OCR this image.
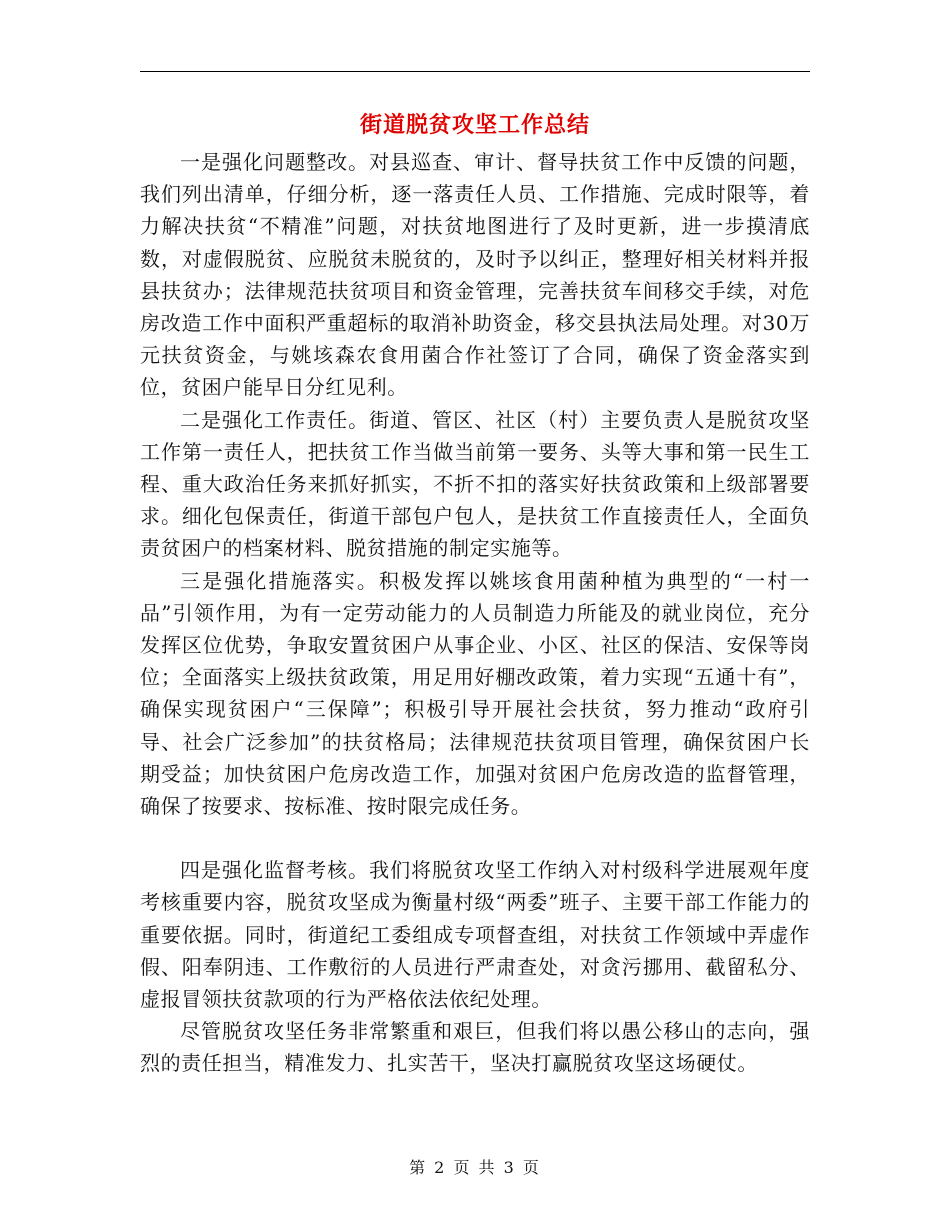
街道脱贫攻坚工作总结

一是强化问题整改。对县巡查、审计、督导扶贫工作中反馈的问题，我们列出清单，仔细分析，逐一落责任人员、工作措施、完成时限等，着力解决扶贫“不精准”问题，对扶贫地图进行了及时更新，进一步摸清底数，对虚假脱贫、应脱贫未脱贫的，及时予以纠正，整理好相关材料并报县扶贫办；法律规范扶贫项目和资金管理，完善扶贫车间移交手续，对危房改造工作中面积严重超标的取消补助资金，移交县执法局处理。对30万元扶贫资金，与姚垓森农食用菌合作社签订了合同，确保了资金落实到位，贫困户能早日分红见利。

二是强化工作责任。街道、管区、社区（村）主要负责人是脱贫攻坚工作第一责任人，把扶贫工作当做当前第一要务、头等大事和第一民生工程、重大政治任务来抓好抓实，不折不扣的落实好扶贫政策和上级部署要求。细化包保责任，街道干部包户包人，是扶贫工作直接责任人，全面负责贫困户的档案材料、脱贫措施的制定实施等。

三是强化措施落实。积极发挥以姚垓食用菌种植为典型的“一村一品”引领作用，为有一定劳动能力的人员制造力所能及的就业岗位，充分发挥区位优势，争取安置贫困户从事企业、小区、社区的保洁、安保等岗位；全面落实上级扶贫政策，用足用好棚改政策，着力实现“五通十有”，确保实现贫困户“三保障”；积极引导开展社会扶贫，努力推动“政府引导、社会广泛参加”的扶贫格局；法律规范扶贫项目管理，确保贫困户长期受益；加快贫困户危房改造工作，加强对贫困户危房改造的监督管理，确保了按要求、按标准、按时限完成任务。

四是强化监督考核。我们将脱贫攻坚工作纳入对村级科学进展观年度考核重要内容，脱贫攻坚成为衡量村级“两委”班子、主要干部工作能力的重要依据。同时，街道纪工委组成专项督查组，对扶贫工作领域中弄虚作假、阳奉阴违、工作敷衍的人员进行严肃查处，对贪污挪用、截留私分、虚报冒领扶贫款项的行为严格依法依纪处理。

尽管脱贫攻坚任务非常繁重和艰巨，但我们将以愚公移山的志向，强烈的责任担当，精准发力、扎实苦干，坚决打赢脱贫攻坚这场硬仗。

第 2 页 共 3 页
